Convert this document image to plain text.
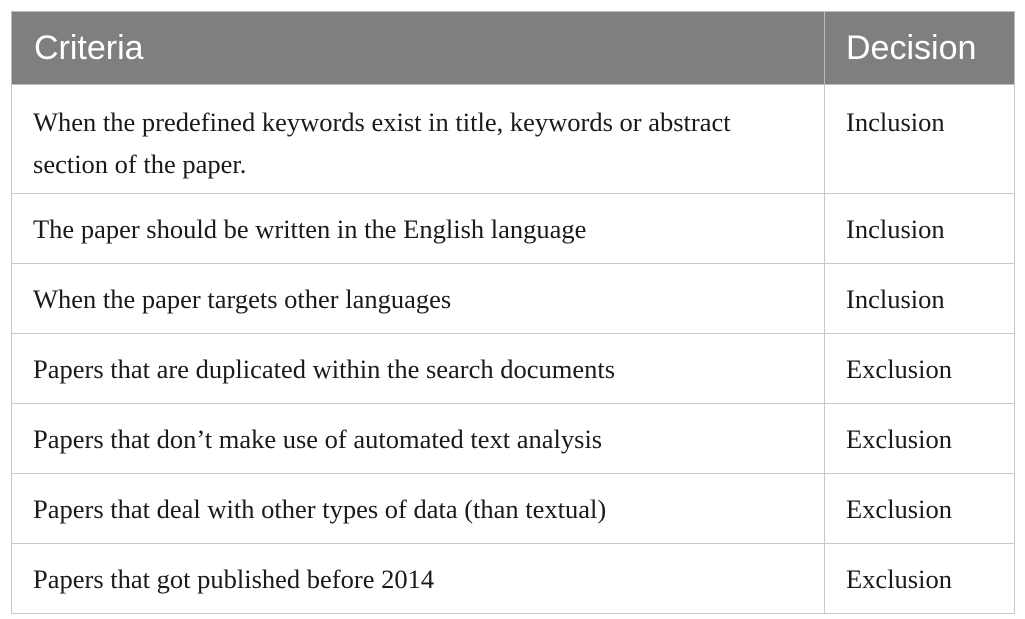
Criteria	Decision
When the predefined keywords exist in title, keywords or abstract section of the paper.	Inclusion
The paper should be written in the English language	Inclusion
When the paper targets other languages	Inclusion
Papers that are duplicated within the search documents	Exclusion
Papers that don’t make use of automated text analysis	Exclusion
Papers that deal with other types of data (than textual)	Exclusion
Papers that got published before 2014	Exclusion
